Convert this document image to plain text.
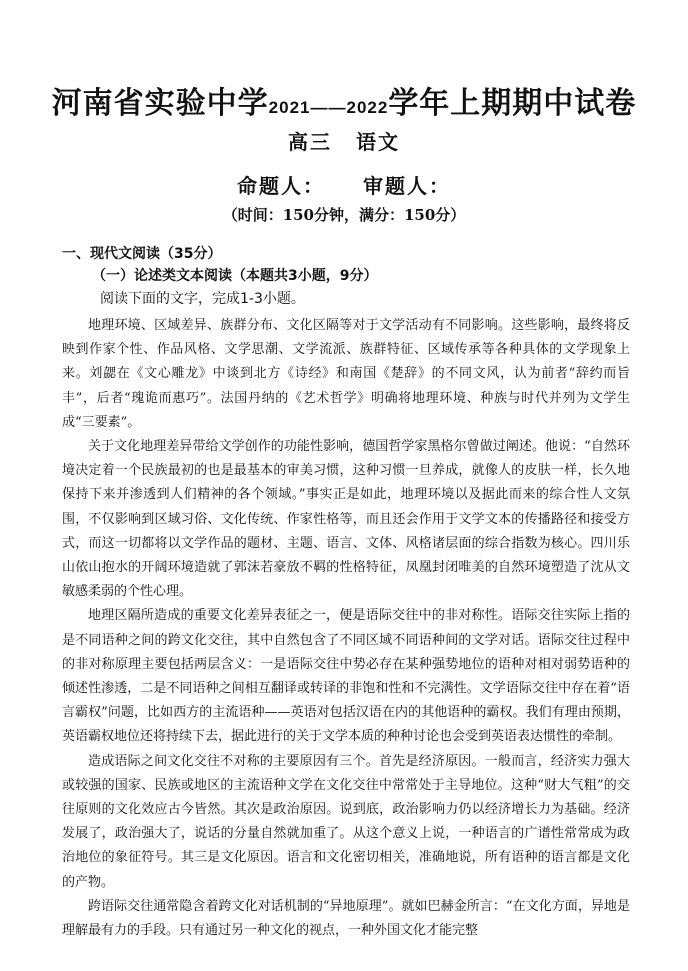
河南省实验中学2021——2022学年上期期中试卷
高三 语文
命题人： 审题人：
（时间：150分钟，满分：150分）
一、现代文阅读（35分）
（一）论述类文本阅读（本题共3小题，9分）
阅读下面的文字，完成1-3小题。

地理环境、区域差异、族群分布、文化区隔等对于文学活动有不同影响。这些影响，最终将反映到作家个性、作品风格、文学思潮、文学流派、族群特征、区域传承等各种具体的文学现象上来。刘勰在《文心雕龙》中谈到北方《诗经》和南国《楚辞》的不同文风，认为前者“辞约而旨丰”，后者“瑰诡而惠巧”。法国丹纳的《艺术哲学》明确将地理环境、种族与时代并列为文学生成“三要素”。

关于文化地理差异带给文学创作的功能性影响，德国哲学家黑格尔曾做过阐述。他说：“自然环境决定着一个民族最初的也是最基本的审美习惯，这种习惯一旦养成，就像人的皮肤一样，长久地保持下来并渗透到人们精神的各个领域。”事实正是如此，地理环境以及据此而来的综合性人文氛围，不仅影响到区域习俗、文化传统、作家性格等，而且还会作用于文学文本的传播路径和接受方式，而这一切都将以文学作品的题材、主题、语言、文体、风格诸层面的综合指数为核心。四川乐山依山抱水的开阔环境造就了郭沫若豪放不羁的性格特征，凤凰封闭唯美的自然环境塑造了沈从文敏感柔弱的个性心理。

地理区隔所造成的重要文化差异表征之一，便是语际交往中的非对称性。语际交往实际上指的是不同语种之间的跨文化交往，其中自然包含了不同区域不同语种间的文学对话。语际交往过程中的非对称原理主要包括两层含义：一是语际交往中势必存在某种强势地位的语种对相对弱势语种的倾述性渗透，二是不同语种之间相互翻译或转译的非饱和性和不完满性。文学语际交往中存在着“语言霸权”问题，比如西方的主流语种——英语对包括汉语在内的其他语种的霸权。我们有理由预期，英语霸权地位还将持续下去，据此进行的关于文学本质的种种讨论也会受到英语表达惯性的牵制。

造成语际之间文化交往不对称的主要原因有三个。首先是经济原因。一般而言，经济实力强大或较强的国家、民族或地区的主流语种文学在文化交往中常常处于主导地位。这种“财大气粗”的交往原则的文化效应古今皆然。其次是政治原因。说到底，政治影响力仍以经济增长力为基础。经济发展了，政治强大了，说话的分量自然就加重了。从这个意义上说，一种语言的广谱性常常成为政治地位的象征符号。其三是文化原因。语言和文化密切相关，准确地说，所有语种的语言都是文化的产物。

跨语际交往通常隐含着跨文化对话机制的“异地原理”。就如巴赫金所言：“在文化方面，异地是理解最有力的手段。只有通过另一种文化的视点，一种外国文化才能完整
